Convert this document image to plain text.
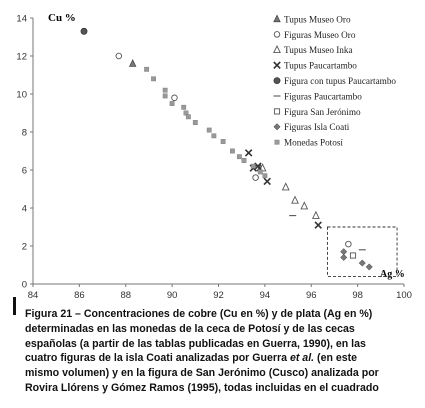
84	86	88	90	92	94	96	98	100
0
2
4
6
8
10
12
14 Cu %
Ag %
Tupus Museo Oro
Figuras Museo Oro
Tupus Museo Inka
Tupus Paucartambo
Figura con tupus Paucartambo
Figuras Paucartambo
Figura San Jerónimo
Figuras Isla Coati
Monedas Potosí

Figura 21 – Concentraciones de cobre (Cu en %) y de plata (Ag en %)
determinadas en las monedas de la ceca de Potosí y de las cecas
españolas (a partir de las tablas publicadas en Guerra, 1990), en las
cuatro figuras de la isla Coati analizadas por Guerra et al. (en este
mismo volumen) y en la figura de San Jerónimo (Cusco) analizada por
Rovira Llórens y Gómez Ramos (1995), todas incluidas en el cuadrado
